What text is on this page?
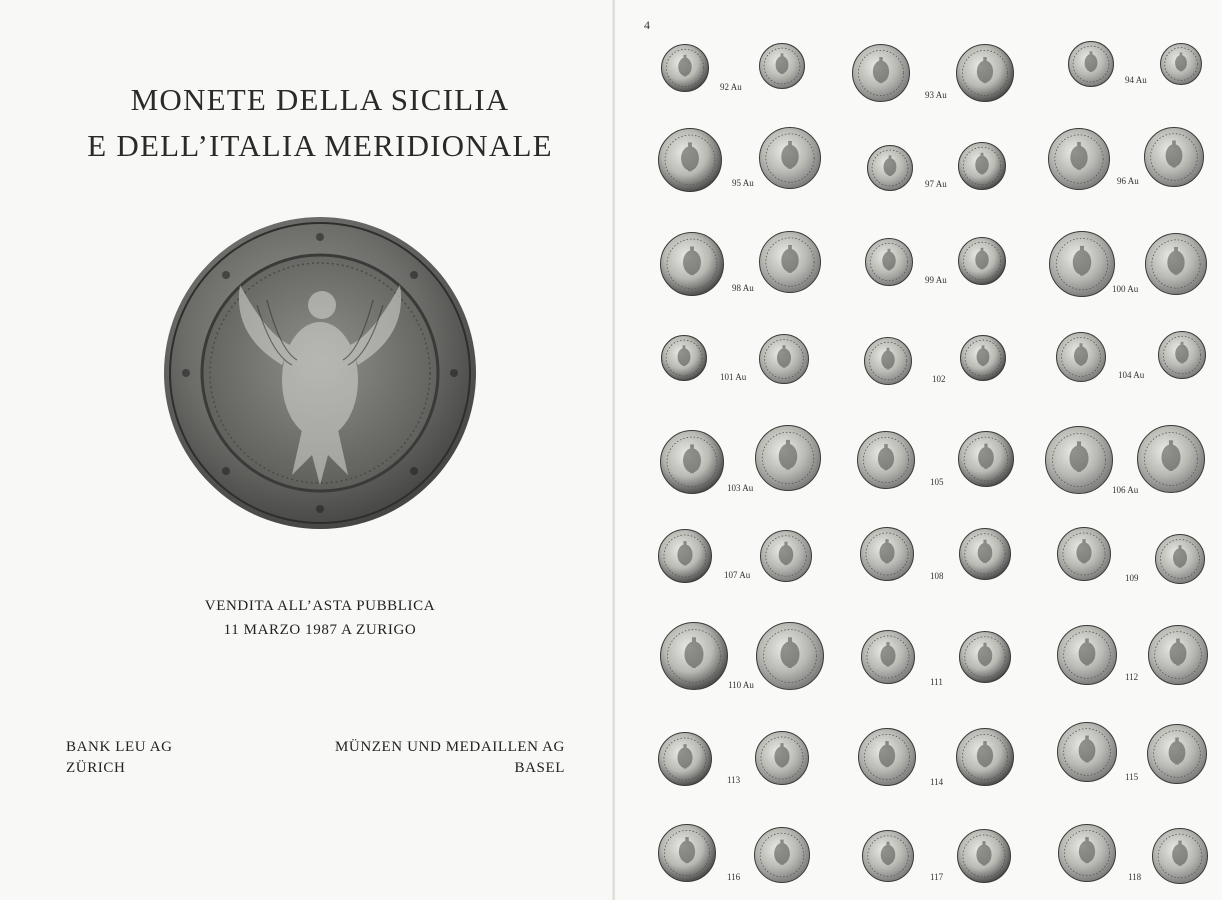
MONETE DELLA SICILIA
E DELL’ITALIA MERIDIONALE
VENDITA ALL’ASTA PUBBLICA
11 MARZO 1987 A ZURIGO
BANK LEU AG
ZÜRICH
MÜNZEN UND MEDAILLEN AG
BASEL
4
92 Au
93 Au
94 Au
95 Au	97 Au	96 Au
98 Au
99 Au
100 Au
101 Au	102	104 Au
103 Au
105
106 Au
107 Au	108	109
110 Au	111	112
113	114	115
116	117	118
